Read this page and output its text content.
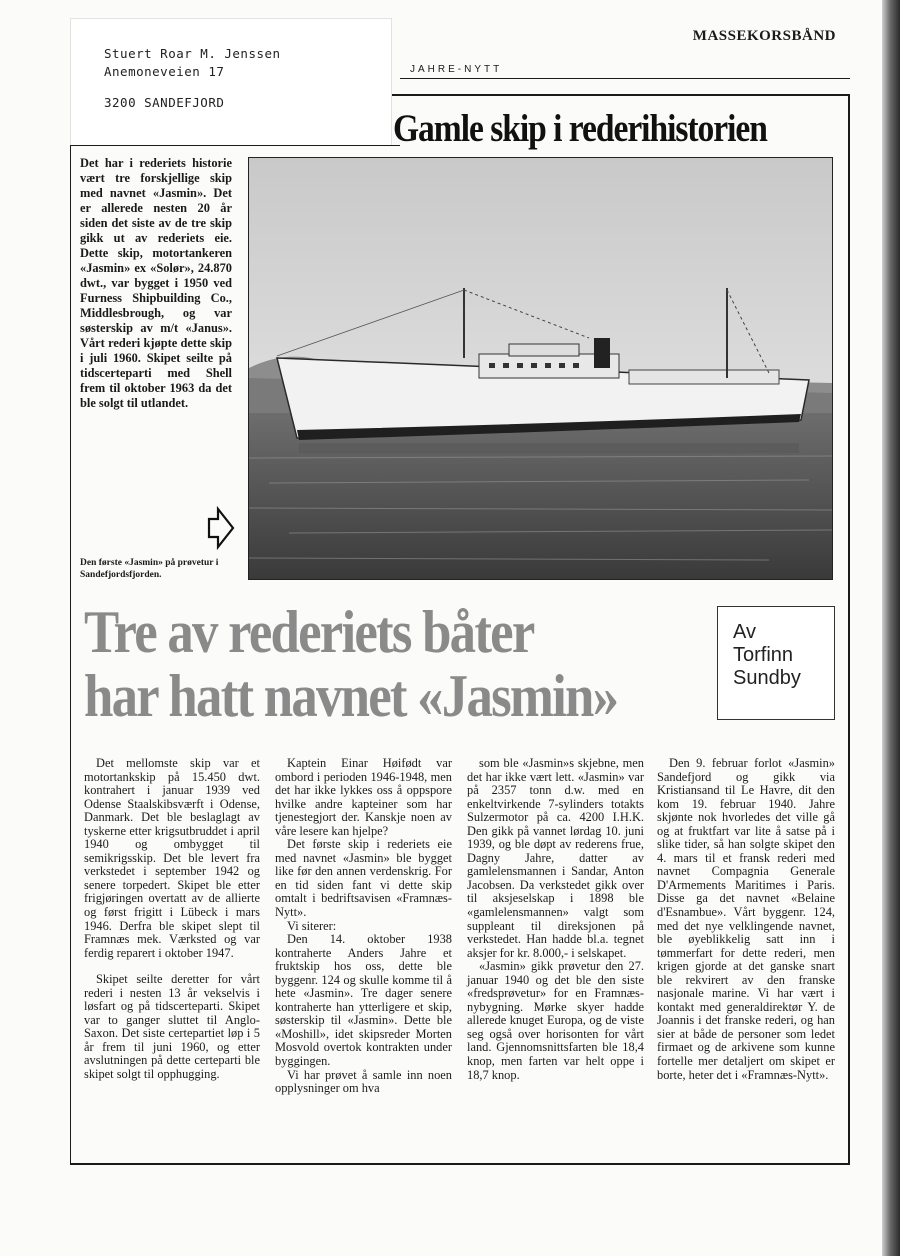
Stuert Roar M. Jenssen
Anemoneveien 17
3200 SANDEFJORD
MASSEKORSBÅND
JAHRE-NYTT
Gamle skip i rederihistorien
Det har i rederiets historie vært tre forskjellige skip med navnet «Jasmin». Det er allerede nesten 20 år siden det siste av de tre skip gikk ut av rederiets eie. Dette skip, motortankeren «Jasmin» ex «Solør», 24.870 dwt., var bygget i 1950 ved Furness Shipbuilding Co., Middlesbrough, og var søsterskip av m/t «Janus». Vårt rederi kjøpte dette skip i juli 1960. Skipet seilte på tidscerteparti med Shell frem til oktober 1963 da det ble solgt til utlandet.
Den første «Jasmin» på prøvetur i Sandefjordsfjorden.
Tre av rederiets båter
har hatt navnet «Jasmin»
Av
Torfinn
Sundby

Det mellomste skip var et motortankskip på 15.450 dwt. kontrahert i januar 1939 ved Odense Staalskibsværft i Odense, Danmark. Det ble beslaglagt av tyskerne etter krigsutbruddet i april 1940 og ombygget til semikrigsskip. Det ble levert fra verkstedet i september 1942 og senere torpedert. Skipet ble etter frigjøringen overtatt av de allierte og først frigitt i Lübeck i mars 1946. Derfra ble skipet slept til Framnæs mek. Værksted og var ferdig reparert i oktober 1947.

Skipet seilte deretter for vårt rederi i nesten 13 år vekselvis i løsfart og på tidscerteparti. Skipet var to ganger sluttet til Anglo-Saxon. Det siste certepartiet løp i 5 år frem til juni 1960, og etter avslutningen på dette certeparti ble skipet solgt til opphugging.

Kaptein Einar Høifødt var ombord i perioden 1946-1948, men det har ikke lykkes oss å oppspore hvilke andre kapteiner som har tjenestegjort der. Kanskje noen av våre lesere kan hjelpe?

Det første skip i rederiets eie med navnet «Jasmin» ble bygget like før den annen verdenskrig. For en tid siden fant vi dette skip omtalt i bedriftsavisen «Framnæs-Nytt».

Vi siterer:

Den 14. oktober 1938 kontraherte Anders Jahre et fruktskip hos oss, dette ble byggenr. 124 og skulle komme til å hete «Jasmin». Tre dager senere kontraherte han ytterligere et skip, søsterskip til «Jasmin». Dette ble «Moshill», idet skipsreder Morten Mosvold overtok kontrakten under byggingen.

Vi har prøvet å samle inn noen opplysninger om hva

som ble «Jasmin»s skjebne, men det har ikke vært lett. «Jasmin» var på 2357 tonn d.w. med en enkeltvirkende 7-sylinders totakts Sulzermotor på ca. 4200 I.H.K. Den gikk på vannet lørdag 10. juni 1939, og ble døpt av rederens frue, Dagny Jahre, datter av gamlelensmannen i Sandar, Anton Jacobsen. Da verkstedet gikk over til aksjeselskap i 1898 ble «gamlelensmannen» valgt som suppleant til direksjonen på verkstedet. Han hadde bl.a. tegnet aksjer for kr. 8.000,- i selskapet.

«Jasmin» gikk prøvetur den 27. januar 1940 og det ble den siste «fredsprøvetur» for en Framnæs-nybygning. Mørke skyer hadde allerede knuget Europa, og de viste seg også over horisonten for vårt land. Gjennomsnittsfarten ble 18,4 knop, men farten var helt oppe i 18,7 knop.

Den 9. februar forlot «Jasmin» Sandefjord og gikk via Kristiansand til Le Havre, dit den kom 19. februar 1940. Jahre skjønte nok hvorledes det ville gå og at fruktfart var lite å satse på i slike tider, så han solgte skipet den 4. mars til et fransk rederi med navnet Compagnia Generale D'Armements Maritimes i Paris. Disse ga det navnet «Belaine d'Esnambue». Vårt byggenr. 124, med det nye velklingende navnet, ble øyeblikkelig satt inn i tømmerfart for dette rederi, men krigen gjorde at det ganske snart ble rekvirert av den franske nasjonale marine. Vi har vært i kontakt med generaldirektør Y. de Joannis i det franske rederi, og han sier at både de personer som ledet firmaet og de arkivene som kunne fortelle mer detaljert om skipet er borte, heter det i «Framnæs-Nytt».
